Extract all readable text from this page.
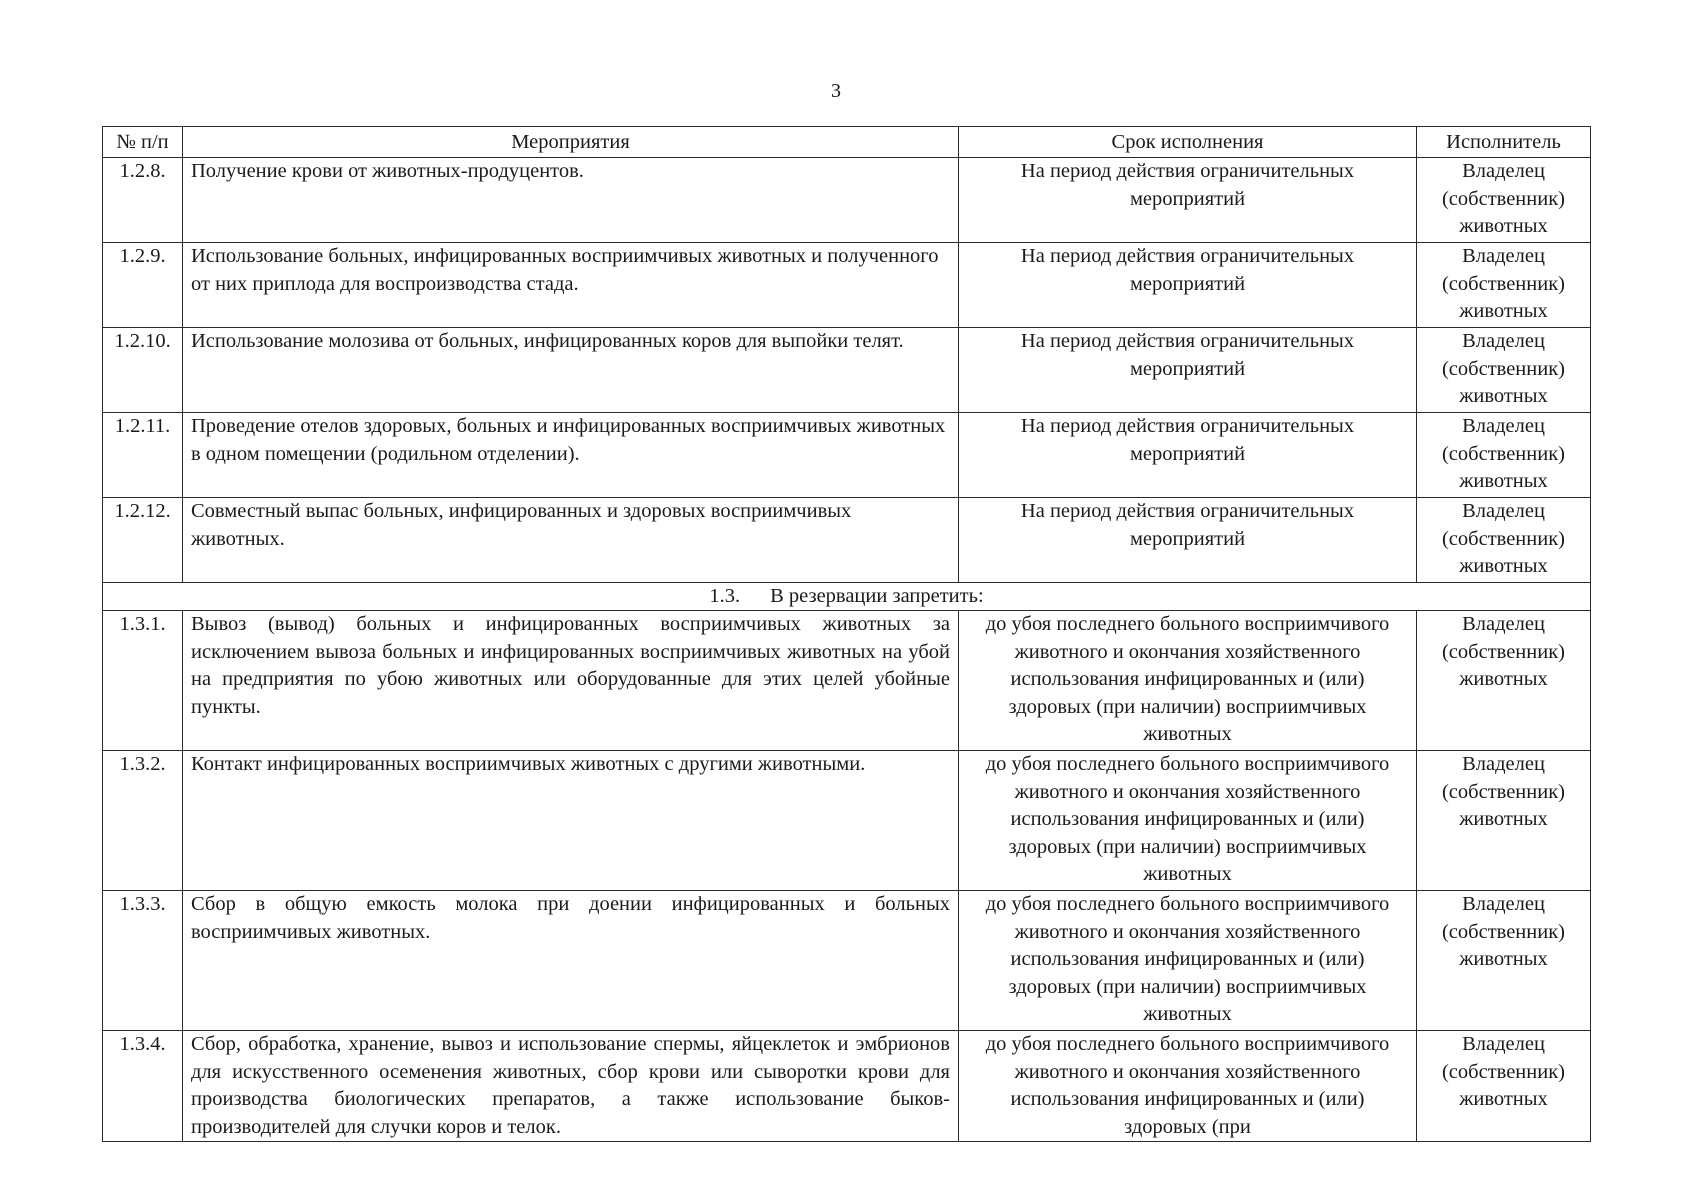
3
№ п/п	Мероприятия	Срок исполнения	Исполнитель
1.2.8.	Получение крови от животных-продуцентов.	На период действия ограничительных мероприятий	Владелец (собственник) животных
1.2.9.	Использование больных, инфицированных восприимчивых животных и полученного от них приплода для воспроизводства стада.	На период действия ограничительных мероприятий	Владелец (собственник) животных
1.2.10.	Использование молозива от больных, инфицированных коров для выпойки телят.	На период действия ограничительных мероприятий	Владелец (собственник) животных
1.2.11.	Проведение отелов здоровых, больных и инфицированных восприимчивых животных в одном помещении (родильном отделении).	На период действия ограничительных мероприятий	Владелец (собственник) животных
1.2.12.	Совместный выпас больных, инфицированных и здоровых восприимчивых животных.	На период действия ограничительных мероприятий	Владелец (собственник) животных
1.3. В резервации запретить:			
1.3.1.	Вывоз (вывод) больных и инфицированных восприимчивых животных за исключением вывоза больных и инфицированных восприимчивых животных на убой на предприятия по убою животных или оборудованные для этих целей убойные пункты.	до убоя последнего больного восприимчивого животного и окончания хозяйственного использования инфицированных и (или) здоровых (при наличии) восприимчивых животных	Владелец (собственник) животных
1.3.2.	Контакт инфицированных восприимчивых животных с другими животными.	до убоя последнего больного восприимчивого животного и окончания хозяйственного использования инфицированных и (или) здоровых (при наличии) восприимчивых животных	Владелец (собственник) животных
1.3.3.	Сбор в общую емкость молока при доении инфицированных и больных восприимчивых животных.	до убоя последнего больного восприимчивого животного и окончания хозяйственного использования инфицированных и (или) здоровых (при наличии) восприимчивых животных	Владелец (собственник) животных
1.3.4.	Сбор, обработка, хранение, вывоз и использование спермы, яйцеклеток и эмбрионов для искусственного осеменения животных, сбор крови или сыворотки крови для производства биологических препаратов, а также использование быков-производителей для случки коров и телок.	до убоя последнего больного восприимчивого животного и окончания хозяйственного использования инфицированных и (или) здоровых (при	Владелец (собственник) животных
